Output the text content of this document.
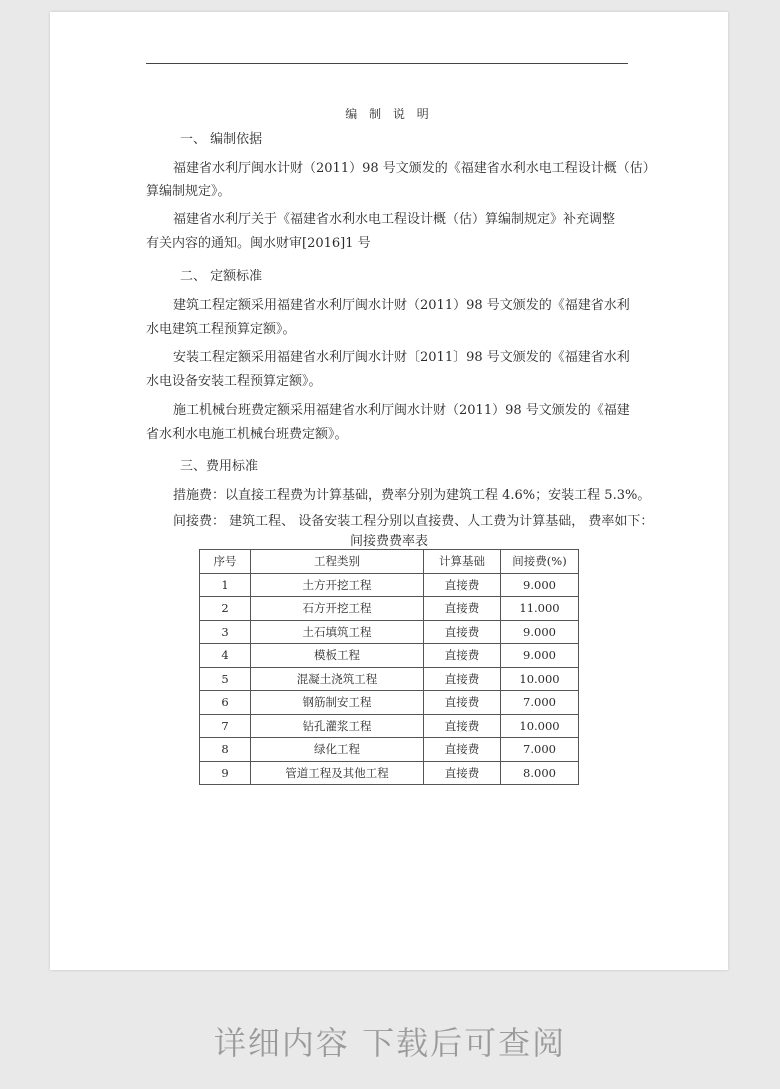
编 制 说 明
一、 编制依据
福建省水利厅闽水计财（2011）98 号文颁发的《福建省水利水电工程设计概（估）
算编制规定》。
福建省水利厅关于《福建省水利水电工程设计概（估）算编制规定》补充调整
有关内容的通知。闽水财审[2016]1 号
二、 定额标准
建筑工程定额采用福建省水利厅闽水计财（2011）98 号文颁发的《福建省水利
水电建筑工程预算定额》。
安装工程定额采用福建省水利厅闽水计财〔2011〕98 号文颁发的《福建省水利
水电设备安装工程预算定额》。
施工机械台班费定额采用福建省水利厅闽水计财（2011）98 号文颁发的《福建
省水利水电施工机械台班费定额》。
三、费用标准
措施费：以直接工程费为计算基础，费率分别为建筑工程 4.6%；安装工程 5.3%。
间接费： 建筑工程、 设备安装工程分别以直接费、人工费为计算基础， 费率如下：
间接费费率表
序号	工程类别	计算基础	间接费(%)
1	土方开挖工程	直接费	9.000
2	石方开挖工程	直接费	11.000
3	土石填筑工程	直接费	9.000
4	模板工程	直接费	9.000
5	混凝土浇筑工程	直接费	10.000
6	钢筋制安工程	直接费	7.000
7	钻孔灌浆工程	直接费	10.000
8	绿化工程	直接费	7.000
9	管道工程及其他工程	直接费	8.000
详细内容 下载后可查阅
